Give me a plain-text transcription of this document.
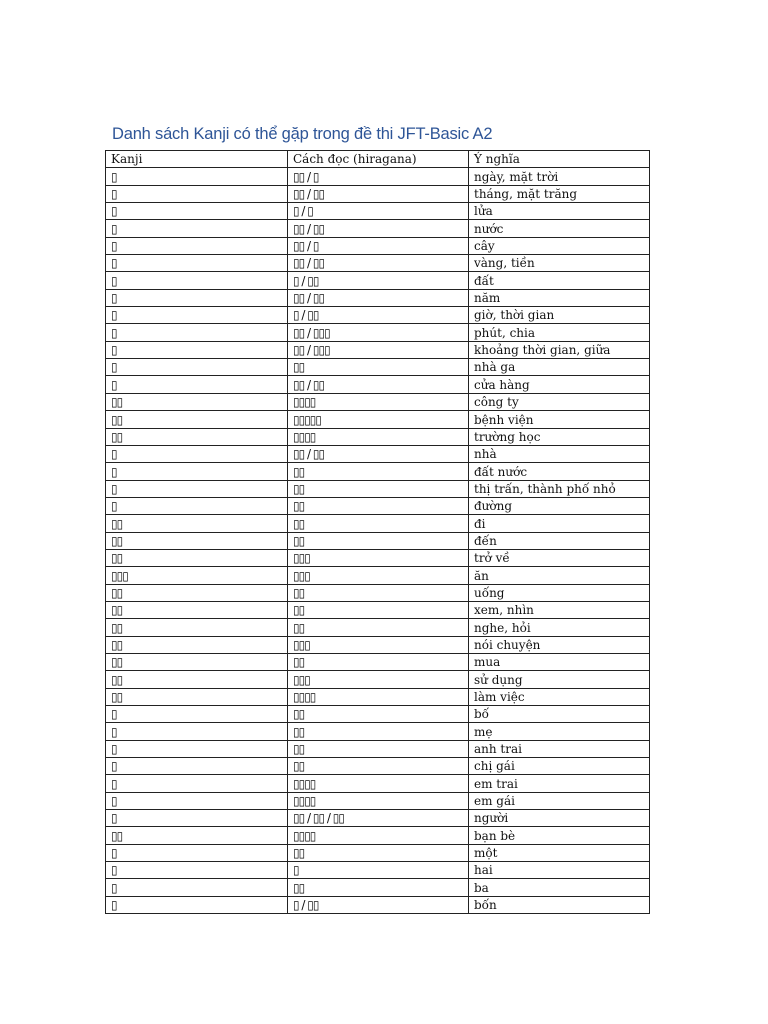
Danh sách Kanji có thể gặp trong đề thi JFT-Basic A2
Kanji	Cách đọc (hiragana)	Ý nghĩa
▯	▯▯ / ▯	ngày, mặt trời
▯	▯▯ / ▯▯	tháng, mặt trăng
▯	▯ / ▯	lửa
▯	▯▯ / ▯▯	nước
▯	▯▯ / ▯	cây
▯	▯▯ / ▯▯	vàng, tiền
▯	▯ / ▯▯	đất
▯	▯▯ / ▯▯	năm
▯	▯ / ▯▯	giờ, thời gian
▯	▯▯ / ▯▯▯	phút, chia
▯	▯▯ / ▯▯▯	khoảng thời gian, giữa
▯	▯▯	nhà ga
▯	▯▯ / ▯▯	cửa hàng
▯▯	▯▯▯▯	công ty
▯▯	▯▯▯▯▯	bệnh viện
▯▯	▯▯▯▯	trường học
▯	▯▯ / ▯▯	nhà
▯	▯▯	đất nước
▯	▯▯	thị trấn, thành phố nhỏ
▯	▯▯	đường
▯▯	▯▯	đi
▯▯	▯▯	đến
▯▯	▯▯▯	trở về
▯▯▯	▯▯▯	ăn
▯▯	▯▯	uống
▯▯	▯▯	xem, nhìn
▯▯	▯▯	nghe, hỏi
▯▯	▯▯▯	nói chuyện
▯▯	▯▯	mua
▯▯	▯▯▯	sử dụng
▯▯	▯▯▯▯	làm việc
▯	▯▯	bố
▯	▯▯	mẹ
▯	▯▯	anh trai
▯	▯▯	chị gái
▯	▯▯▯▯	em trai
▯	▯▯▯▯	em gái
▯	▯▯ / ▯▯ / ▯▯	người
▯▯	▯▯▯▯	bạn bè
▯	▯▯	một
▯	▯	hai
▯	▯▯	ba
▯	▯ / ▯▯	bốn
